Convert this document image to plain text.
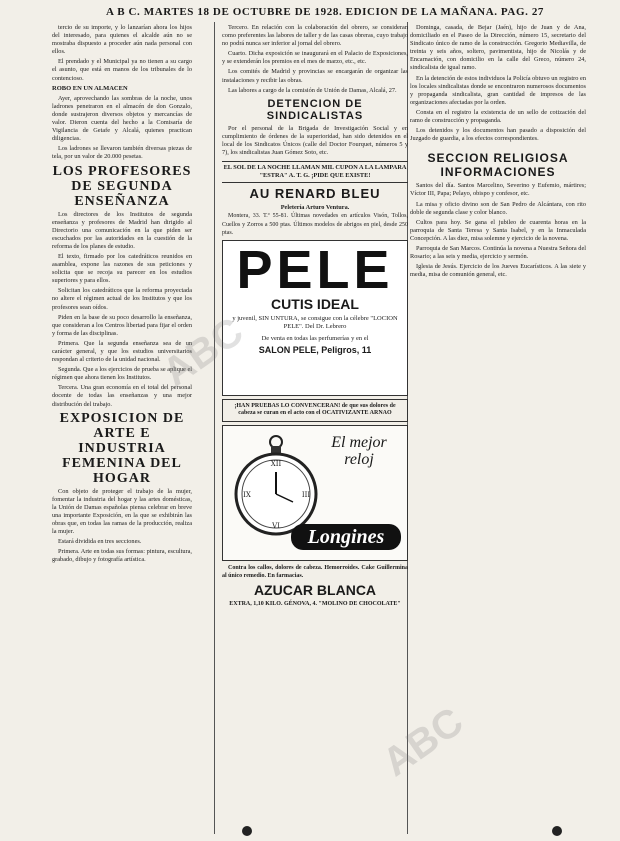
A B C. MARTES 18 DE OCTUBRE DE 1928. EDICION DE LA MAÑANA. PAG. 27

tercio de su importe, y lo lanzarían ahora los hijos del interesado, para quienes el alcalde aún no se mostraba dispuesto a proceder aún nada personal con ellos.

El prendado y el Municipal ya no tienen a su cargo el asunto, que está en manos de los tribunales de lo contencioso.

ROBO EN UN ALMACEN

Ayer, aprovechando las sombras de la noche, unos ladrones penetraron en el almacén de don Gonzalo, donde sustrajeron diversos objetos y mercancías de valor. Dieron cuenta del hecho a la Comisaría de Vigilancia de Getafe y Alcalá, quienes practican diligencias.

Los ladrones se llevaron también diversas piezas de tela, por un valor de 20.000 pesetas.

LOS PROFESORES DE SEGUNDA ENSEÑANZA

Los directores de los Institutos de segunda enseñanza y profesores de Madrid han dirigido al Directorio una comunicación en la que piden ser escuchados por las autoridades en la cuestión de la reforma de los planes de estudio.

El texto, firmado por los catedráticos reunidos en asamblea, expone las razones de sus peticiones y solicita que se recoja su parecer en los estudios superiores y para ellos.

Solicitan los catedráticos que la reforma proyectada no altere el régimen actual de los Institutos y que los profesores sean oídos.

Piden en la base de su poco desarrollo la enseñanza, que consideran a los Centros libertad para fijar el orden y forma de las disciplinas.

Primera. Que la segunda enseñanza sea de un carácter general, y que los estudios universitarios respondan al criterio de la unidad nacional.

Segunda. Que a los ejercicios de prueba se aplique el régimen que ahora tienen los Institutos.

Tercera. Una gran economía en el total del personal docente de todas las enseñanzas y una mejor distribución del trabajo.

EXPOSICION DE ARTE E INDUSTRIA FEMENINA DEL HOGAR

Con objeto de proteger el trabajo de la mujer, fomentar la industria del hogar y las artes domésticas, la Unión de Damas españolas piensa celebrar en breve una importante Exposición, en la que se exhibirán las obras que, en todas las ramas de la producción, realiza la mujer.

Estará dividida en tres secciones.

Primera. Arte en todas sus formas: pintura, escultura, grabado, dibujo y fotografía artística.

Tercero. En relación con la colaboración del obrero, se consideran como preferentes las labores de taller y de las casas obreras, cuyo trabajo no podrá nunca ser inferior al jornal del obrero.

Cuarto. Dicha exposición se inaugurará en el Palacio de Exposiciones, y se extenderán los premios en el mes de marzo, etc., etc.

Los comités de Madrid y provincias se encargarán de organizar las instalaciones y recibir las obras.

Las labores a cargo de la comisión de Unión de Damas, Alcalá, 27.

DETENCION DE SINDICALISTAS

Por el personal de la Brigada de Investigación Social y en cumplimiento de órdenes de la superioridad, han sido detenidos en el local de los Sindicatos Únicos (calle del Doctor Fourquet, números 5 y 7), los sindicalistas Juan Gómez Soto, etc.

EL SOL DE LA NOCHE LLAMAN MIL CUPON A LA LAMPARA "ESTRA" A. T. G. ¡PIDE QUE EXISTE!
AU RENARD BLEU
Peletería Arturo Ventura.

Montera, 33. T.º 55-81. Últimas novedades en artículos Visón, Tollos, Cuellos y Zorros a 500 ptas. Últimos modelos de abrigos en piel, desde 250 ptas.

PELE
CUTIS IDEAL
y juvenil, SIN UNTURA, se consigue con la célebre "LOCION PELE". Del Dr. Lebrero
De venta en todas las perfumerías y en el
SALON PELE, Peligros, 11
¡HAN PRUEBAS LO CONVENCERAN! de que sus dolores de cabeza se curan en el acto con el OCATIVIZANTE ARNAO
El mejor reloj
XII
III
VI
IX
Longines

Contra los callos, dolores de cabeza. Hemorroides. Cake Guillermina al único remedio. En farmacias.

AZUCAR BLANCA
EXTRA, 1,10 KILO. GÉNOVA, 4. "MOLINO DE CHOCOLATE"

Dominga, casada, de Bejar (Jaén), hijo de Juan y de Ana, domiciliado en el Paseo de la Dirección, número 15, secretario del Sindicato único de ramo de la construcción. Gregorio Mediavilla, de treinta y seis años, soltero, pavimentista, hijo de Nicolás y de Encarnación, con domicilio en la calle del Greco, número 24, sindicalista de igual ramo.

En la detención de estos individuos la Policía obtuvo un registro en los locales sindicalistas donde se encontraron numerosos documentos y propaganda sindicalista, gran cantidad de impresos de las organizaciones afectadas por la orden.

Consta en el registro la existencia de un sello de cotización del ramo de construcción y propaganda.

Los detenidos y los documentos han pasado a disposición del Juzgado de guardia, a los efectos correspondientes.

SECCION RELIGIOSA INFORMACIONES

Santos del día. Santos Marcelino, Severino y Eufemio, mártires; Víctor III, Papa; Pelayo, obispo y confesor, etc.

La misa y oficio divino son de San Pedro de Alcántara, con rito doble de segunda clase y color blanco.

Cultos para hoy. Se gana el jubileo de cuarenta horas en la parroquia de Santa Teresa y Santa Isabel, y en la Inmaculada Concepción. A las diez, misa solemne y ejercicio de la novena.

Parroquia de San Marcos. Continúa la novena a Nuestra Señora del Rosario; a las seis y media, ejercicio y sermón.

Iglesia de Jesús. Ejercicio de los Jueves Eucarísticos. A las siete y media, misa de comunión general, etc.

ABC
ABC
